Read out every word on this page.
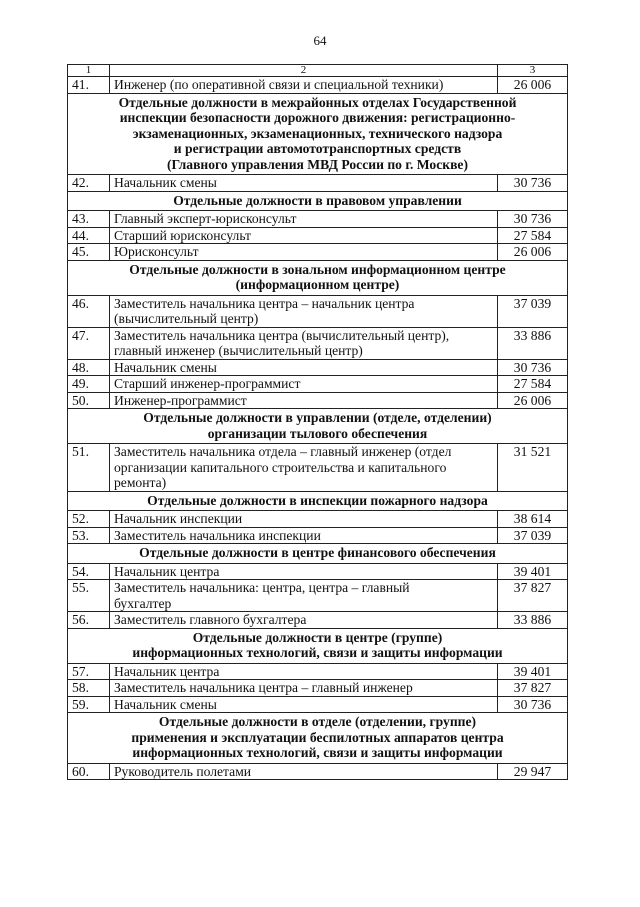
64
1	2	3
41.	Инженер (по оперативной связи и специальной техники)	26 006

Отдельные должности в межрайонных отделах Государственной
инспекции безопасности дорожного движения: регистрационно-
экзаменационных, экзаменационных, технического надзора
и регистрации автомототранспортных средств
(Главного управления МВД России по г. Москве)		

42.	Начальник смены	30 736

Отдельные должности в правовом управлении		

43.	Главный эксперт-юрисконсульт	30 736
44.	Старший юрисконсульт	27 584
45.	Юрисконсульт	26 006

Отдельные должности в зональном информационном центре
(информационном центре)		

46.	Заместитель начальника центра – начальник центра
(вычислительный центр)	37 039
47.	Заместитель начальника центра (вычислительный центр),
главный инженер (вычислительный центр)	33 886
48.	Начальник смены	30 736
49.	Старший инженер-программист	27 584
50.	Инженер-программист	26 006

Отдельные должности в управлении (отделе, отделении)
организации тылового обеспечения		

51.	Заместитель начальника отдела – главный инженер (отдел
организации капитального строительства и капитального
ремонта)	31 521

Отдельные должности в инспекции пожарного надзора		

52.	Начальник инспекции	38 614
53.	Заместитель начальника инспекции	37 039

Отдельные должности в центре финансового обеспечения		

54.	Начальник центра	39 401
55.	Заместитель начальника: центра, центра – главный
бухгалтер	37 827
56.	Заместитель главного бухгалтера	33 886

Отдельные должности в центре (группе)
информационных технологий, связи и защиты информации		

57.	Начальник центра	39 401
58.	Заместитель начальника центра – главный инженер	37 827
59.	Начальник смены	30 736

Отдельные должности в отделе (отделении, группе)
применения и эксплуатации беспилотных аппаратов центра
информационных технологий, связи и защиты информации		

60.	Руководитель полетами	29 947
